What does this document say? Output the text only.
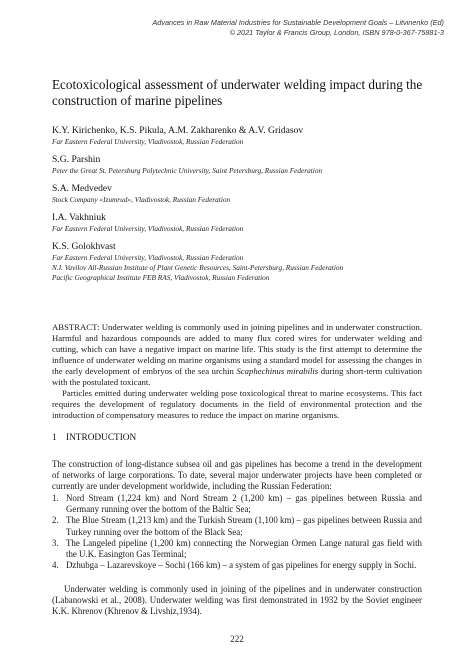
Advances in Raw Material Industries for Sustainable Development Goals – Litvinenko (Ed)
© 2021 Taylor & Francis Group, London, ISBN 978-0-367-75881-3
Ecotoxicological assessment of underwater welding impact during the construction of marine pipelines
K.Y. Kirichenko, K.S. Pikula, A.M. Zakharenko & A.V. Gridasov
Far Eastern Federal University, Vladivostok, Russian Federation
S.G. Parshin
Peter the Great St. Petersburg Polytechnic University, Saint Petersburg, Russian Federation
S.A. Medvedev
Stock Company «Izumrud», Vladivostok, Russian Federation
I.A. Vakhniuk
Far Eastern Federal University, Vladivostok, Russian Federation
K.S. Golokhvast
Far Eastern Federal University, Vladivostok, Russian Federation
N.I. Vavilov All-Russian Institute of Plant Genetic Resources, Saint-Petersburg, Russian Federation
Pacific Geographical Institute FEB RAS, Vladivostok, Russian Federation

ABSTRACT: Underwater welding is commonly used in joining pipelines and in underwater construction. Harmful and hazardous compounds are added to many flux cored wires for underwater welding and cutting, which can have a negative impact on marine life. This study is the first attempt to determine the influence of underwater welding on marine organisms using a standard model for assessing the changes in the early development of embryos of the sea urchin Scaphechinus mirabilis during short-term cultivation with the postulated toxicant.

Particles emitted during underwater welding pose toxicological threat to marine ecosystems. This fact requires the development of regulatory documents in the field of environmental protection and the introduction of compensatory measures to reduce the impact on marine organisms.

1 INTRODUCTION

The construction of long-distance subsea oil and gas pipelines has become a trend in the development of networks of large corporations. To date, several major underwater projects have been completed or currently are under development worldwide, including the Russian Federation:

1. Nord Stream (1,224 km) and Nord Stream 2 (1,200 km) – gas pipelines between Russia and Germany running over the bottom of the Baltic Sea;
2. The Blue Stream (1,213 km) and the Turkish Stream (1,100 km) – gas pipelines between Russia and Turkey running over the bottom of the Black Sea;
3. The Langeled pipeline (1,200 km) connecting the Norwegian Ormen Lange natural gas field with the U.K. Easington Gas Terminal;
4. Dzhubga – Lazarevskoye – Sochi (166 km) – a system of gas pipelines for energy supply in Sochi.

Underwater welding is commonly used in joining of the pipelines and in underwater construction (Labanowski et al., 2008). Underwater welding was first demonstrated in 1932 by the Soviet engineer K.K. Khrenov (Khrenov & Livshiz,1934).

222
